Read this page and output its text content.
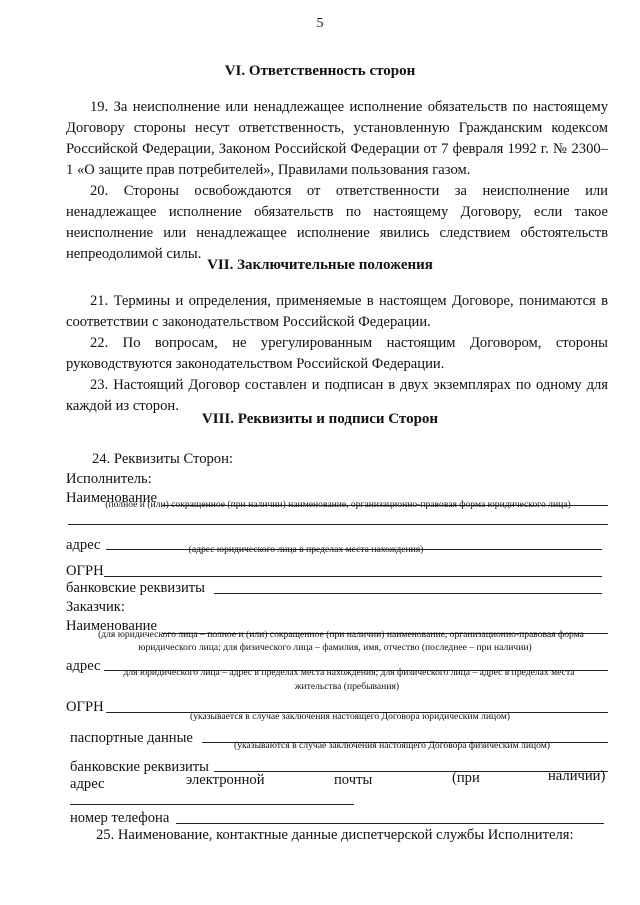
5
VI. Ответственность сторон
19. За неисполнение или ненадлежащее исполнение обязательств по настоящему Договору стороны несут ответственность, установленную Гражданским кодексом Российской Федерации, Законом Российской Федерации от 7 февраля 1992 г. № 2300–1 «О защите прав потребителей», Правилами пользования газом.
20. Стороны освобождаются от ответственности за неисполнение или ненадлежащее исполнение обязательств по настоящему Договору, если такое неисполнение или ненадлежащее исполнение явились следствием обстоятельств непреодолимой силы.
VII. Заключительные положения
21. Термины и определения, применяемые в настоящем Договоре, понимаются в соответствии с законодательством Российской Федерации.
22. По вопросам, не урегулированным настоящим Договором, стороны руководствуются законодательством Российской Федерации.
23. Настоящий Договор составлен и подписан в двух экземплярах по одному для каждой из сторон.
VIII. Реквизиты и подписи Сторон
24. Реквизиты Сторон:
Исполнитель:
Наименование
(полное и (или) сокращенное (при наличии) наименование, организационно-правовая форма юридического лица)
адрес	(адрес юридического лица в пределах места нахождения)
ОГРН
банковские реквизиты
Заказчик:
Наименование
(для юридического лица – полное и (или) сокращенное (при наличии) наименование, организационно-правовая форма
юридического лица; для физического лица – фамилия, имя, отчество (последнее – при наличии)
адрес	для юридического лица – адрес в пределах места нахождения; для физического лица – адрес в пределах места
жительства (пребывания)
ОГРН
(указывается в случае заключения настоящего Договора юридическим лицом)
паспортные данные	(указываются в случае заключения настоящего Договора физическим лицом)
банковские реквизиты
адрес	электронной	почты	(при	наличии)
номер телефона
25. Наименование, контактные данные диспетчерской службы Исполнителя:
